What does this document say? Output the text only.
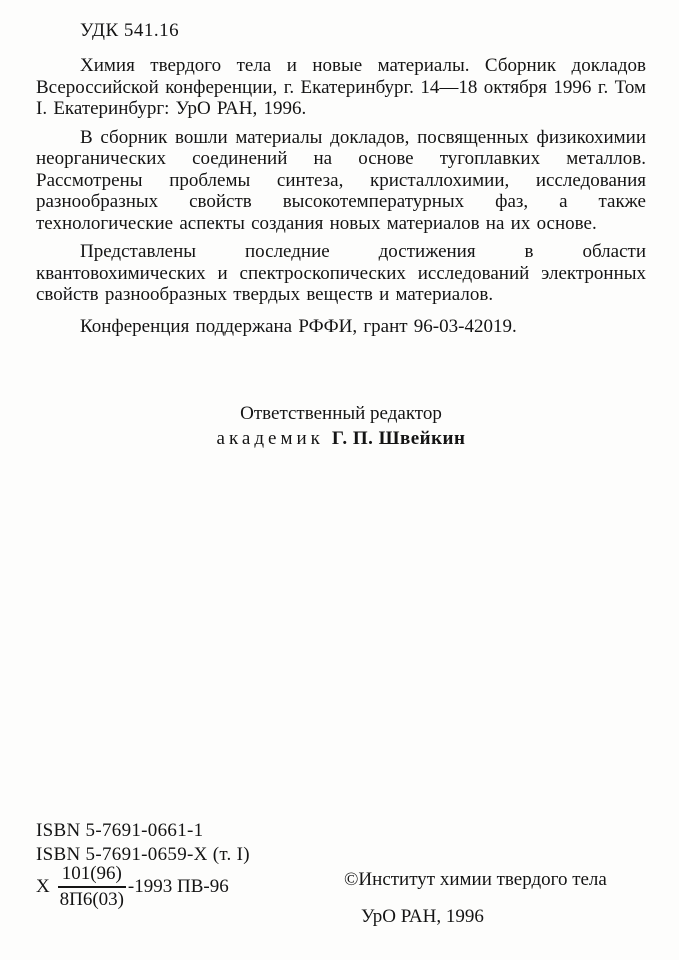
УДК 541.16

Химия твердого тела и новые материалы. Сборник докладов Всероссийской конференции, г. Екатеринбург. 14—18 октября 1996 г. Том I. Екатеринбург: УрО РАН, 1996.

В сборник вошли материалы докладов, посвященных физикохимии неорганических соединений на основе тугоплавких металлов. Рассмотрены проблемы синтеза, кристаллохимии, исследования разнообразных свойств высокотемпературных фаз, а также технологические аспекты создания новых материалов на их основе.

Представлены последние достижения в области квантовохимических и спектроскопических исследований электронных свойств разнообразных твердых веществ и материалов.

Конференция поддержана РФФИ, грант 96-03-42019.

Ответственный редактор
академик Г. П. Швейкин
ISBN 5-7691-0661-1
ISBN 5-7691-0659-X (т. I)
Х $\frac{101(96)}{8П6(03)} -1993$ ПВ-96	©Институт химии твердого тела
УрО РАН, 1996
